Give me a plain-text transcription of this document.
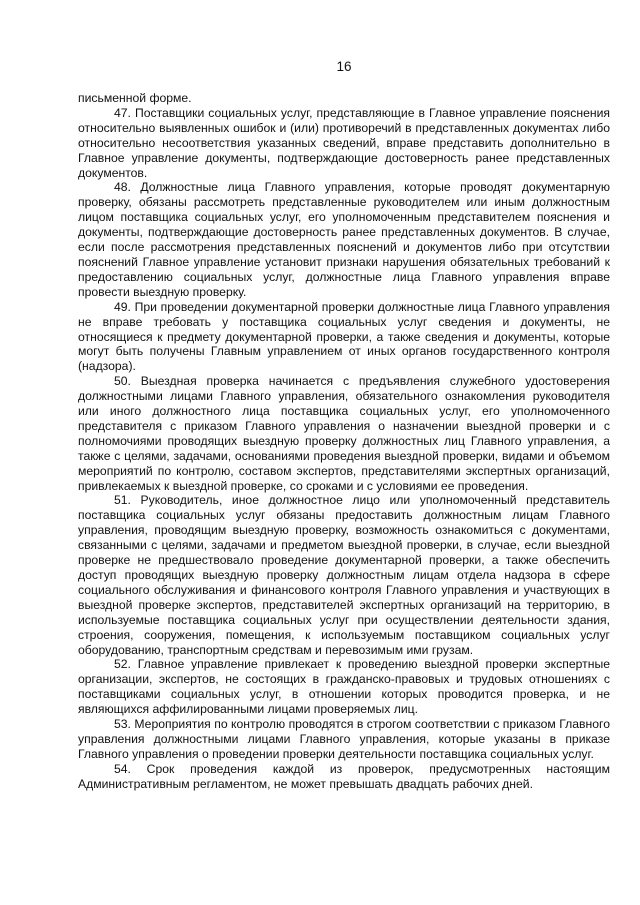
16

письменной форме.

47. Поставщики социальных услуг, представляющие в Главное управление пояснения относительно выявленных ошибок и (или) противоречий в представленных документах либо относительно несоответствия указанных сведений, вправе представить дополнительно в Главное управление документы, подтверждающие достоверность ранее представленных документов.

48. Должностные лица Главного управления, которые проводят документарную проверку, обязаны рассмотреть представленные руководителем или иным должностным лицом поставщика социальных услуг, его уполномоченным представителем пояснения и документы, подтверждающие достоверность ранее представленных документов. В случае, если после рассмотрения представленных пояснений и документов либо при отсутствии пояснений Главное управление установит признаки нарушения обязательных требований к предоставлению социальных услуг, должностные лица Главного управления вправе провести выездную проверку.

49. При проведении документарной проверки должностные лица Главного управления не вправе требовать у поставщика социальных услуг сведения и документы, не относящиеся к предмету документарной проверки, а также сведения и документы, которые могут быть получены Главным управлением от иных органов государственного контроля (надзора).

50. Выездная проверка начинается с предъявления служебного удостоверения должностными лицами Главного управления, обязательного ознакомления руководителя или иного должностного лица поставщика социальных услуг, его уполномоченного представителя с приказом Главного управления о назначении выездной проверки и с полномочиями проводящих выездную проверку должностных лиц Главного управления, а также с целями, задачами, основаниями проведения выездной проверки, видами и объемом мероприятий по контролю, составом экспертов, представителями экспертных организаций, привлекаемых к выездной проверке, со сроками и с условиями ее проведения.

51. Руководитель, иное должностное лицо или уполномоченный представитель поставщика социальных услуг обязаны предоставить должностным лицам Главного управления, проводящим выездную проверку, возможность ознакомиться с документами, связанными с целями, задачами и предметом выездной проверки, в случае, если выездной проверке не предшествовало проведение документарной проверки, а также обеспечить доступ проводящих выездную проверку должностным лицам отдела надзора в сфере социального обслуживания и финансового контроля Главного управления и участвующих в выездной проверке экспертов, представителей экспертных организаций на территорию, в используемые поставщика социальных услуг при осуществлении деятельности здания, строения, сооружения, помещения, к используемым поставщиком социальных услуг оборудованию, транспортным средствам и перевозимым ими грузам.

52. Главное управление привлекает к проведению выездной проверки экспертные организации, экспертов, не состоящих в гражданско-правовых и трудовых отношениях с поставщиками социальных услуг, в отношении которых проводится проверка, и не являющихся аффилированными лицами проверяемых лиц.

53. Мероприятия по контролю проводятся в строгом соответствии с приказом Главного управления должностными лицами Главного управления, которые указаны в приказе Главного управления о проведении проверки деятельности поставщика социальных услуг.

54. Срок проведения каждой из проверок, предусмотренных настоящим Административным регламентом, не может превышать двадцать рабочих дней.
